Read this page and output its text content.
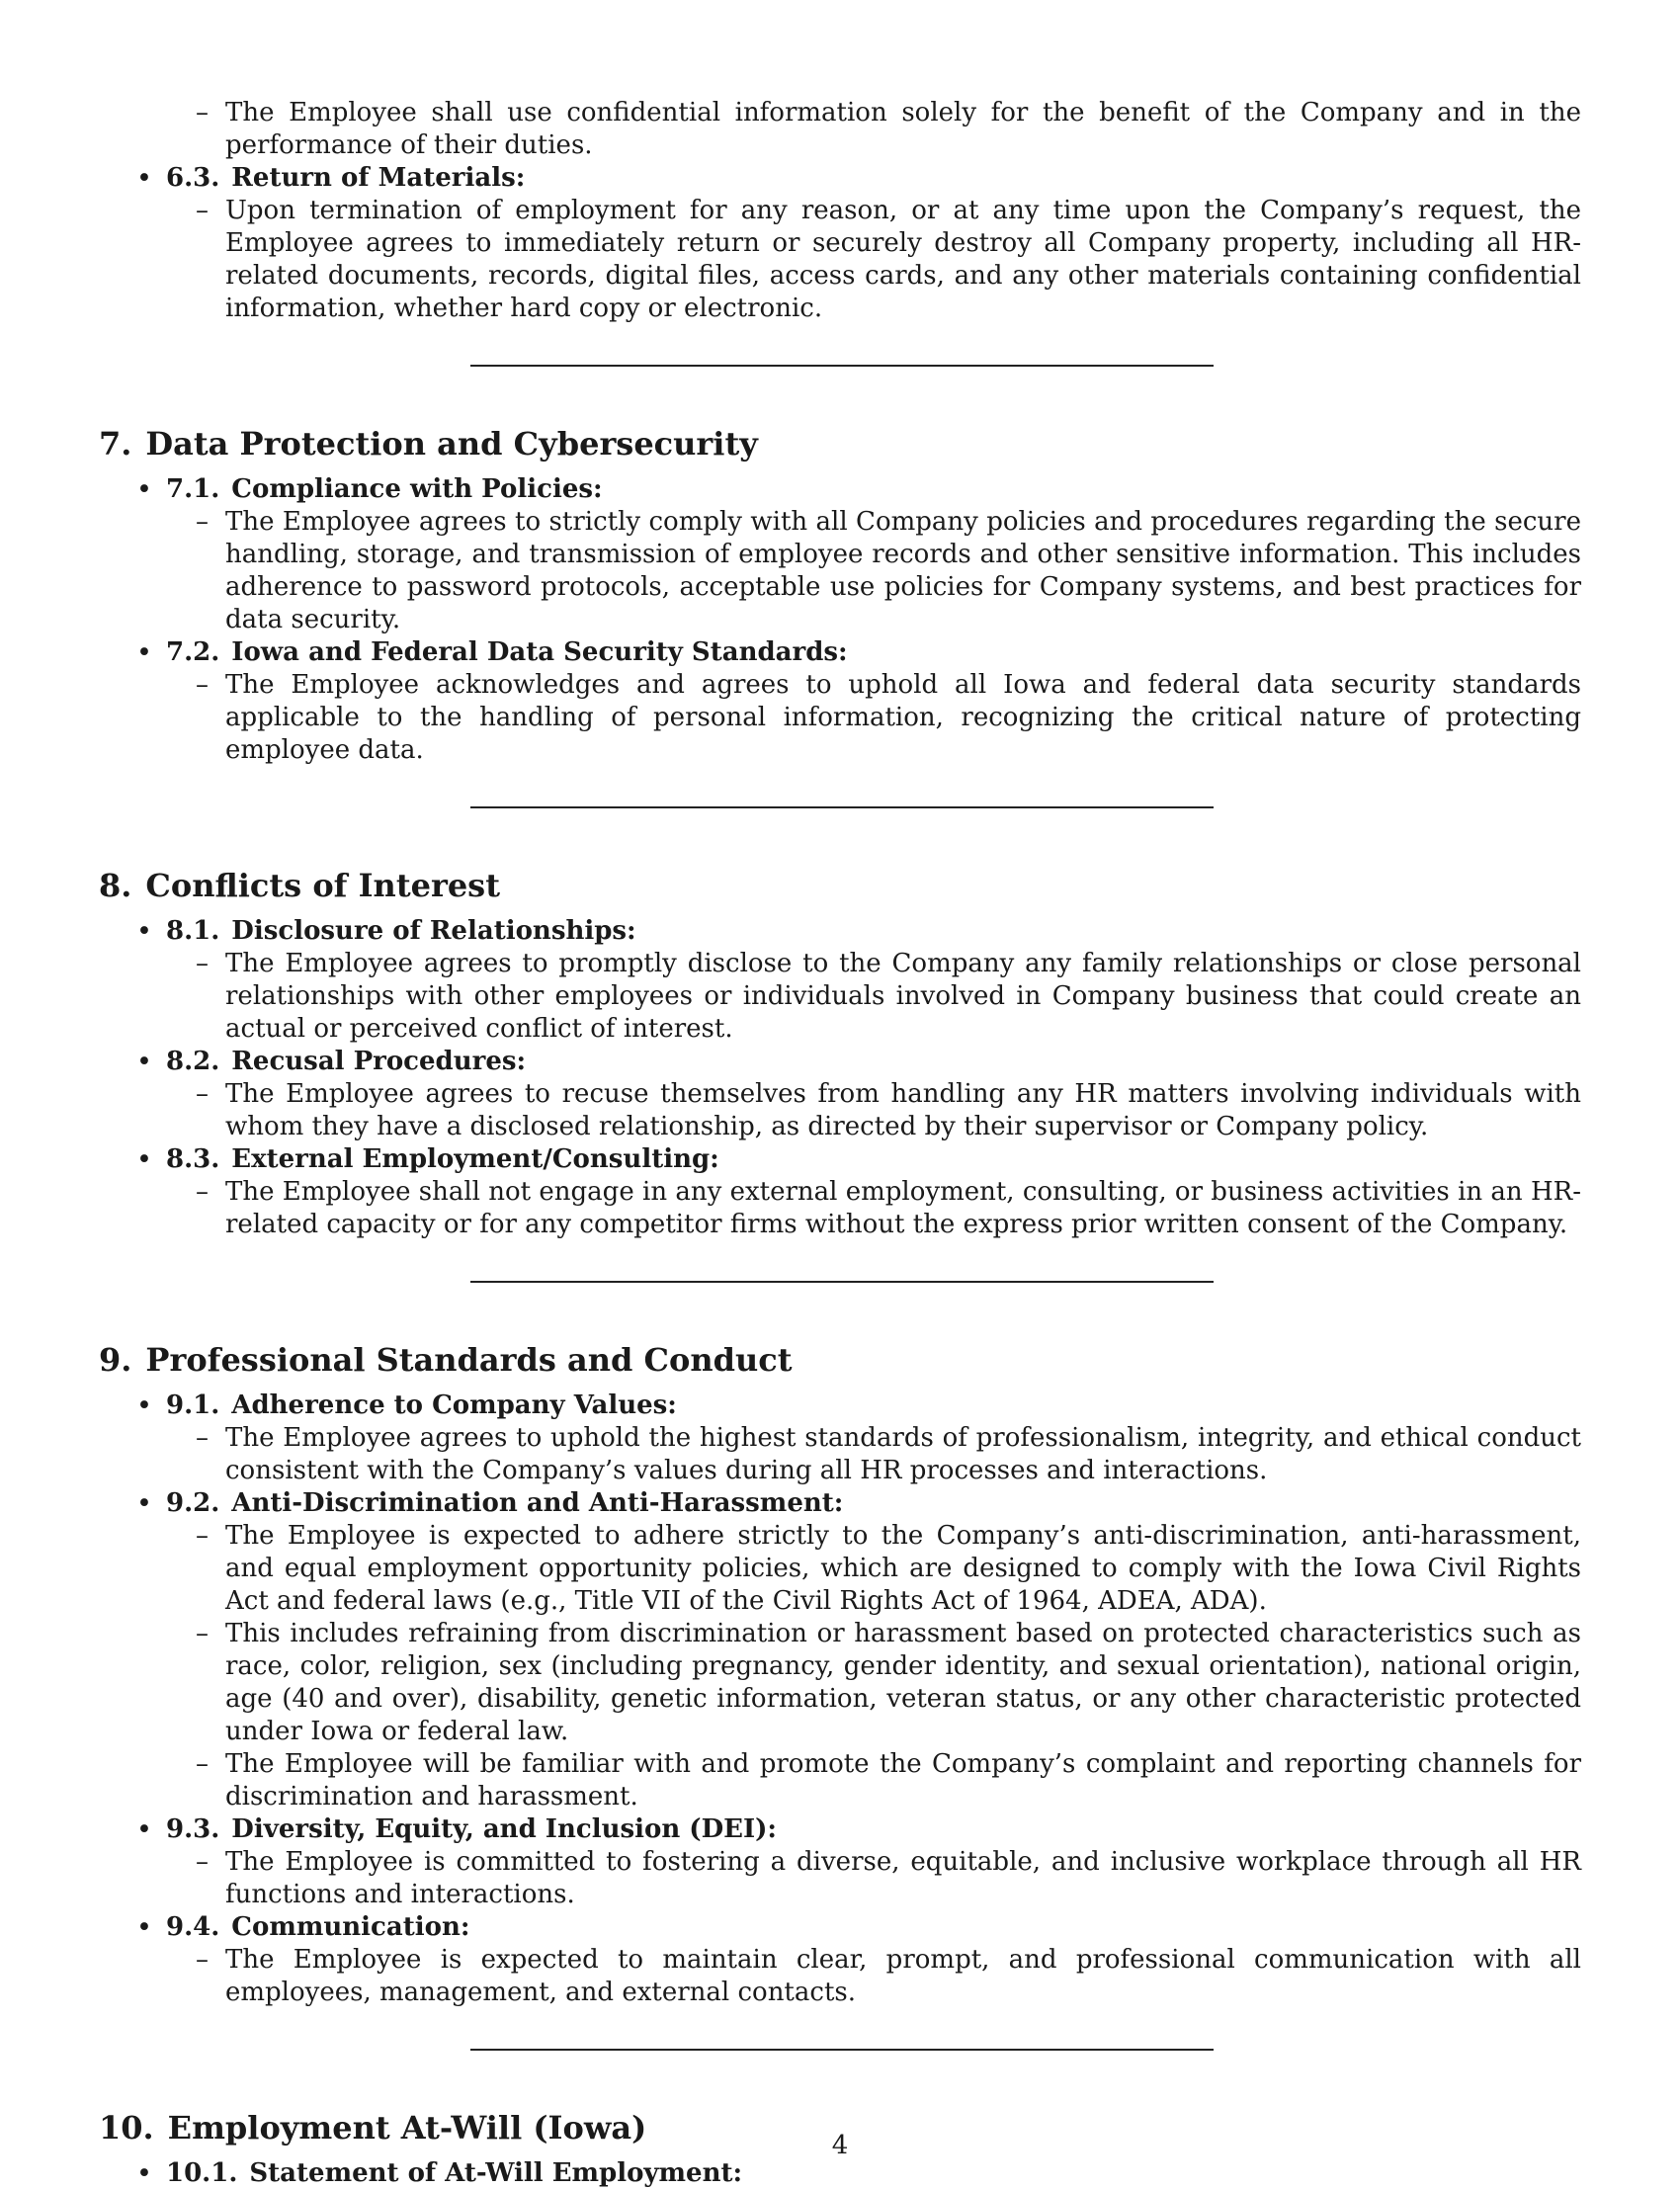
– The Employee shall use confidential information solely for the benefit of the Company and in the performance of their duties.
• 6.3. Return of Materials:
– Upon termination of employment for any reason, or at any time upon the Company’s request, the Employee agrees to immediately return or securely destroy all Company property, including all HR-related documents, records, digital files, access cards, and any other materials containing confidential information, whether hard copy or electronic.
7. Data Protection and Cybersecurity
• 7.1. Compliance with Policies:
– The Employee agrees to strictly comply with all Company policies and procedures regarding the secure handling, storage, and transmission of employee records and other sensitive information. This includes adherence to password protocols, acceptable use policies for Company systems, and best practices for data security.
• 7.2. Iowa and Federal Data Security Standards:
– The Employee acknowledges and agrees to uphold all Iowa and federal data security standards applicable to the handling of personal information, recognizing the critical nature of protecting employee data.
8. Conflicts of Interest
• 8.1. Disclosure of Relationships:
– The Employee agrees to promptly disclose to the Company any family relationships or close personal relationships with other employees or individuals involved in Company business that could create an actual or perceived conflict of interest.
• 8.2. Recusal Procedures:
– The Employee agrees to recuse themselves from handling any HR matters involving individuals with whom they have a disclosed relationship, as directed by their supervisor or Company policy.
• 8.3. External Employment/Consulting:
– The Employee shall not engage in any external employment, consulting, or business activities in an HR-related capacity or for any competitor firms without the express prior written consent of the Company.
9. Professional Standards and Conduct
• 9.1. Adherence to Company Values:
– The Employee agrees to uphold the highest standards of professionalism, integrity, and ethical conduct consistent with the Company’s values during all HR processes and interactions.
• 9.2. Anti-Discrimination and Anti-Harassment:
– The Employee is expected to adhere strictly to the Company’s anti-discrimination, anti-harassment, and equal employment opportunity policies, which are designed to comply with the Iowa Civil Rights Act and federal laws (e.g., Title VII of the Civil Rights Act of 1964, ADEA, ADA).
– This includes refraining from discrimination or harassment based on protected characteristics such as race, color, religion, sex (including pregnancy, gender identity, and sexual orientation), national origin, age (40 and over), disability, genetic information, veteran status, or any other characteristic protected under Iowa or federal law.
– The Employee will be familiar with and promote the Company’s complaint and reporting channels for discrimination and harassment.
• 9.3. Diversity, Equity, and Inclusion (DEI):
– The Employee is committed to fostering a diverse, equitable, and inclusive workplace through all HR functions and interactions.
• 9.4. Communication:
– The Employee is expected to maintain clear, prompt, and professional communication with all employees, management, and external contacts.
10. Employment At-Will (Iowa)
• 10.1. Statement of At-Will Employment:
4
